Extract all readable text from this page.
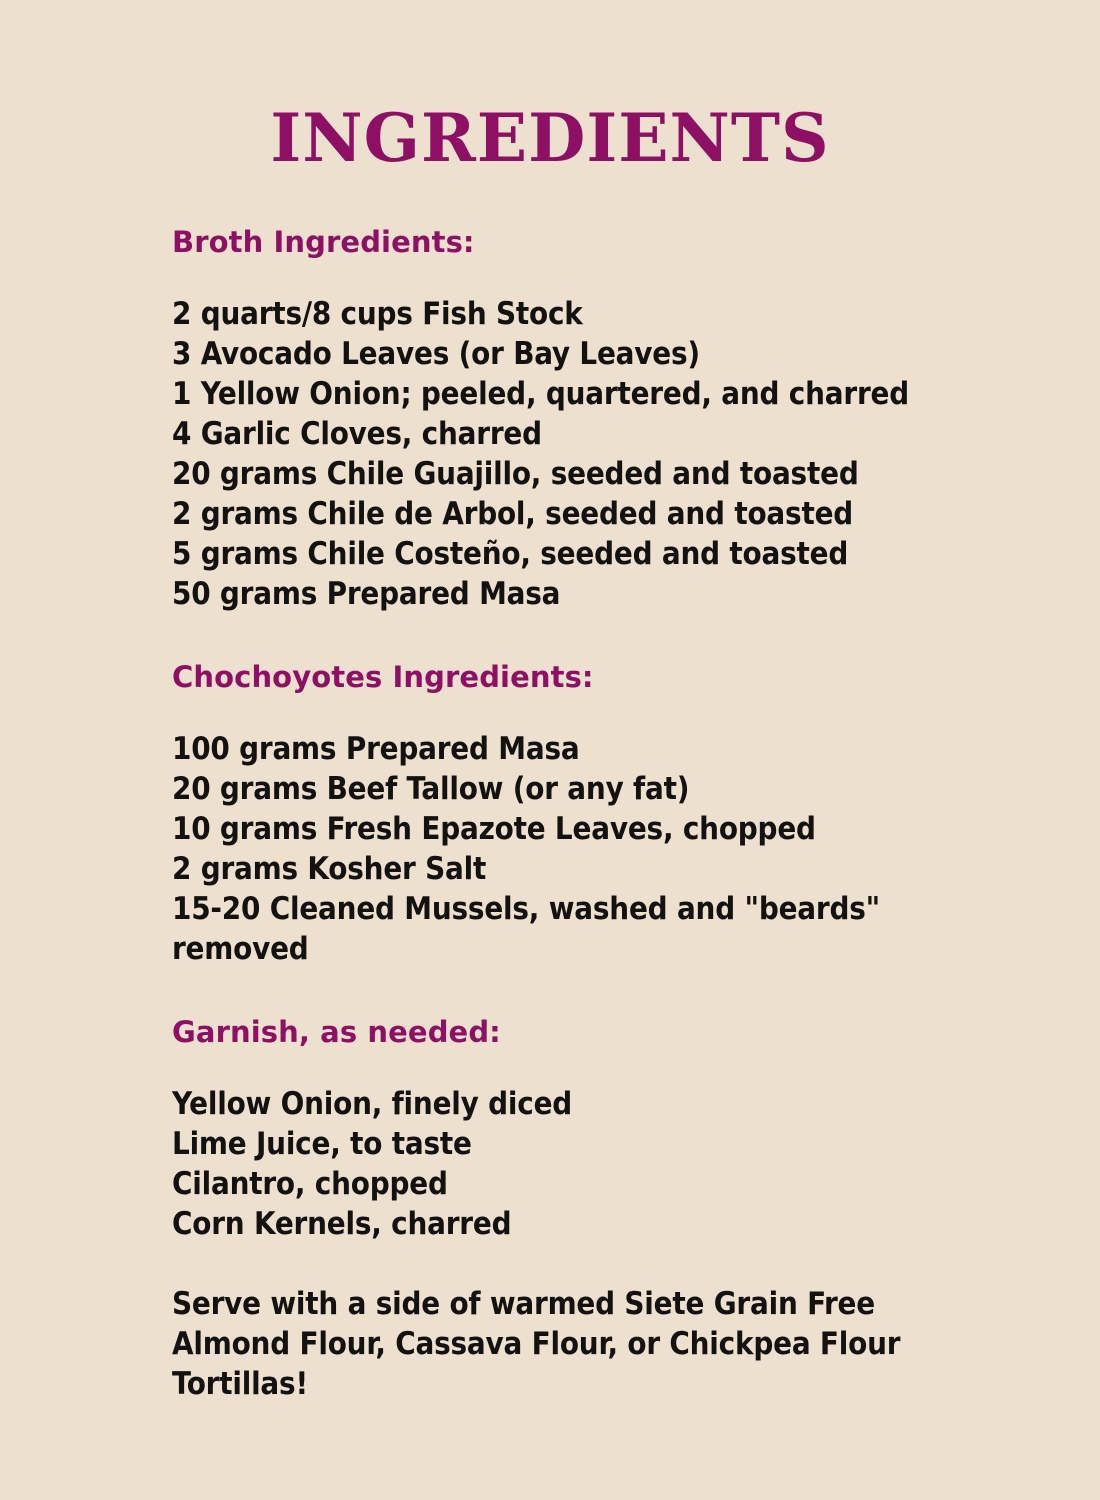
INGREDIENTS
Broth Ingredients:
2 quarts/8 cups Fish Stock
3 Avocado Leaves (or Bay Leaves)
1 Yellow Onion; peeled, quartered, and charred
4 Garlic Cloves, charred
20 grams Chile Guajillo, seeded and toasted
2 grams Chile de Arbol, seeded and toasted
5 grams Chile Costeño, seeded and toasted
50 grams Prepared Masa
Chochoyotes Ingredients:
100 grams Prepared Masa
20 grams Beef Tallow (or any fat)
10 grams Fresh Epazote Leaves, chopped
2 grams Kosher Salt
15-20 Cleaned Mussels, washed and "beards" removed
Garnish, as needed:
Yellow Onion, finely diced
Lime Juice, to taste
Cilantro, chopped
Corn Kernels, charred

Serve with a side of warmed Siete Grain Free Almond Flour, Cassava Flour, or Chickpea Flour Tortillas!
